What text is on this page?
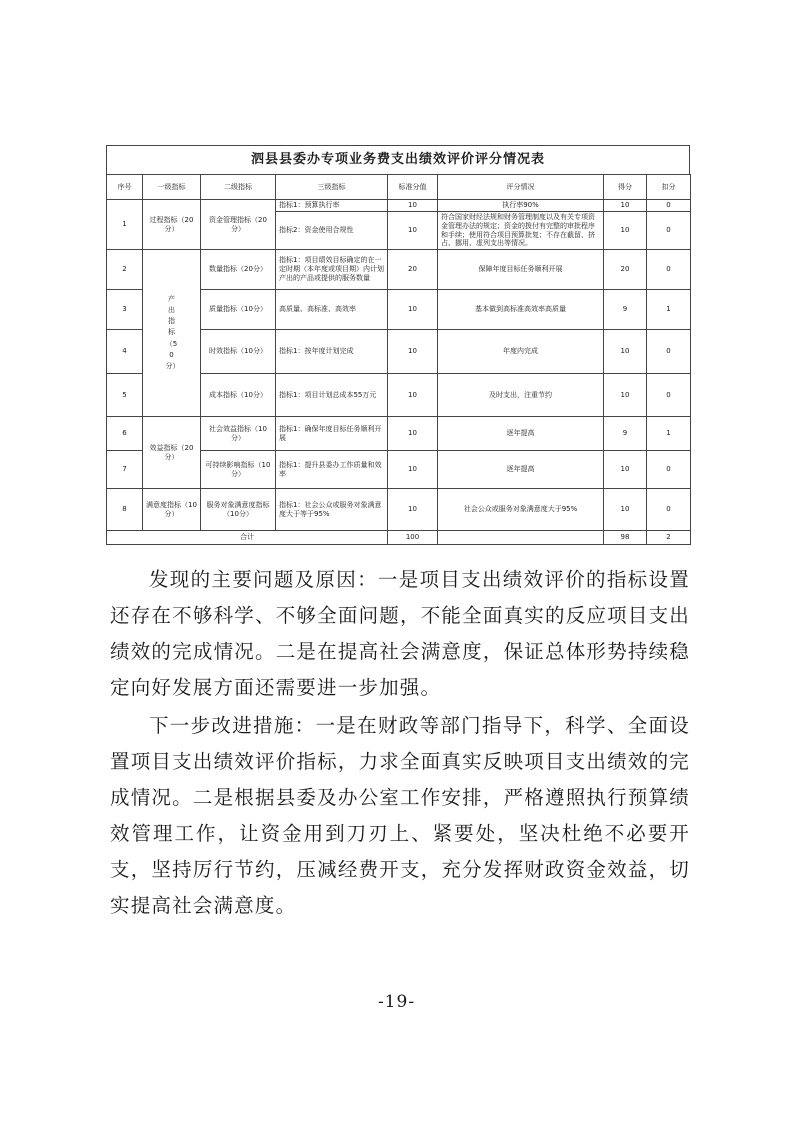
泗县县委办专项业务费支出绩效评价评分情况表
序号	一级指标	二级指标	三级指标	标准分值	评分情况	得分	扣分
1	过程指标（20分）	资金管理指标（20分）	指标1：预算执行率	10	执行率90%	10	0
			指标2：资金使用合规性	10	符合国家财经法规和财务管理制度以及有关专项资金管理办法的规定；资金的拨付有完整的审批程序和手续；使用符合项目预算批复；不存在截留、挤占、挪用、虚列支出等情况。	10	0
2	产出指标（50分）	数量指标（20分）	指标1：项目绩效目标确定的在一定时期（本年度或项目期）内计划产出的产品或提供的服务数量	20	保障年度目标任务顺利开展	20	0
3		质量指标（10分）	高质量、高标准、高效率	10	基本做到高标准高效率高质量	9	1
4		时效指标（10分）	指标1：按年度计划完成	10	年度内完成	10	0
5		成本指标（10分）	指标1：项目计划总成本55万元	10	及时支出，注重节约	10	0
6	效益指标（20分）	社会效益指标（10分）	指标1：确保年度目标任务顺利开展	10	逐年提高	9	1
7		可持续影响指标（10分）	指标1：提升县委办工作质量和效率	10	逐年提高	10	0
8	满意度指标（10分）	服务对象满意度指标（10分）	指标1：社会公众或服务对象满意度大于等于95%	10	社会公众或服务对象满意度大于95%	10	0
合计				100		98	2

发现的主要问题及原因：一是项目支出绩效评价的指标设置还存在不够科学、不够全面问题，不能全面真实的反应项目支出绩效的完成情况。二是在提高社会满意度，保证总体形势持续稳定向好发展方面还需要进一步加强。

下一步改进措施：一是在财政等部门指导下，科学、全面设置项目支出绩效评价指标，力求全面真实反映项目支出绩效的完成情况。二是根据县委及办公室工作安排，严格遵照执行预算绩效管理工作，让资金用到刀刃上、紧要处，坚决杜绝不必要开支，坚持厉行节约，压减经费开支，充分发挥财政资金效益，切实提高社会满意度。

-19-
